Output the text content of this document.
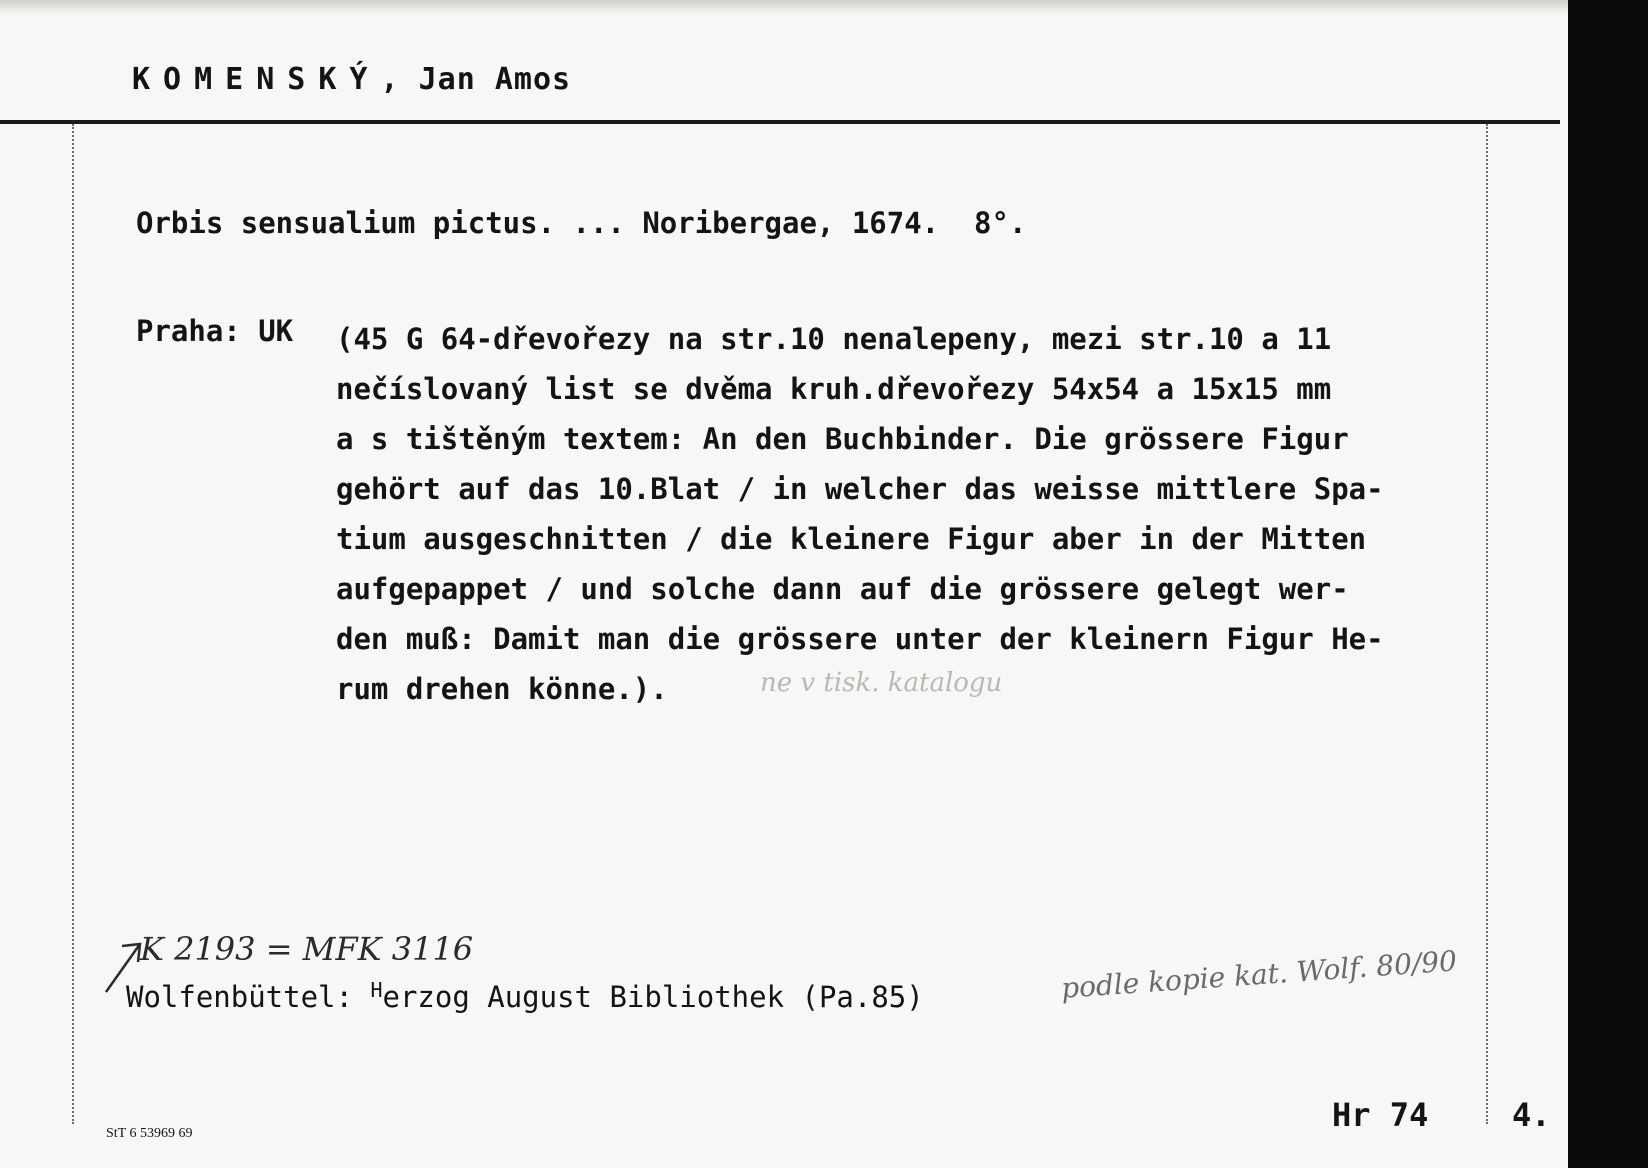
KOMENSKÝ, Jan Amos
Orbis sensualium pictus. ... Noribergae, 1674.  8°.
Praha: UK (45 G 64-dřevořezy na str.10 nenalepeny, mezi str.10 a 11
nečíslovaný list se dvěma kruh.dřevořezy 54x54 a 15x15 mm
a s tištěným textem: An den Buchbinder. Die grössere Figur
gehört auf das 10.Blat / in welcher das weisse mittlere Spa-
tium ausgeschnitten / die kleinere Figur aber in der Mitten
aufgepappet / und solche dann auf die grössere gelegt wer-
den muß: Damit man die grössere unter der kleinern Figur He-
rum drehen könne.).	ne v tisk. katalogu
K 2193 = MFK 3116
Wolfenbüttel: $^H$erzog August Bibliothek (Pa.85)	podle kopie kat. Wolf. 80/90
StT 6 53969 69	Hr 74	4.
